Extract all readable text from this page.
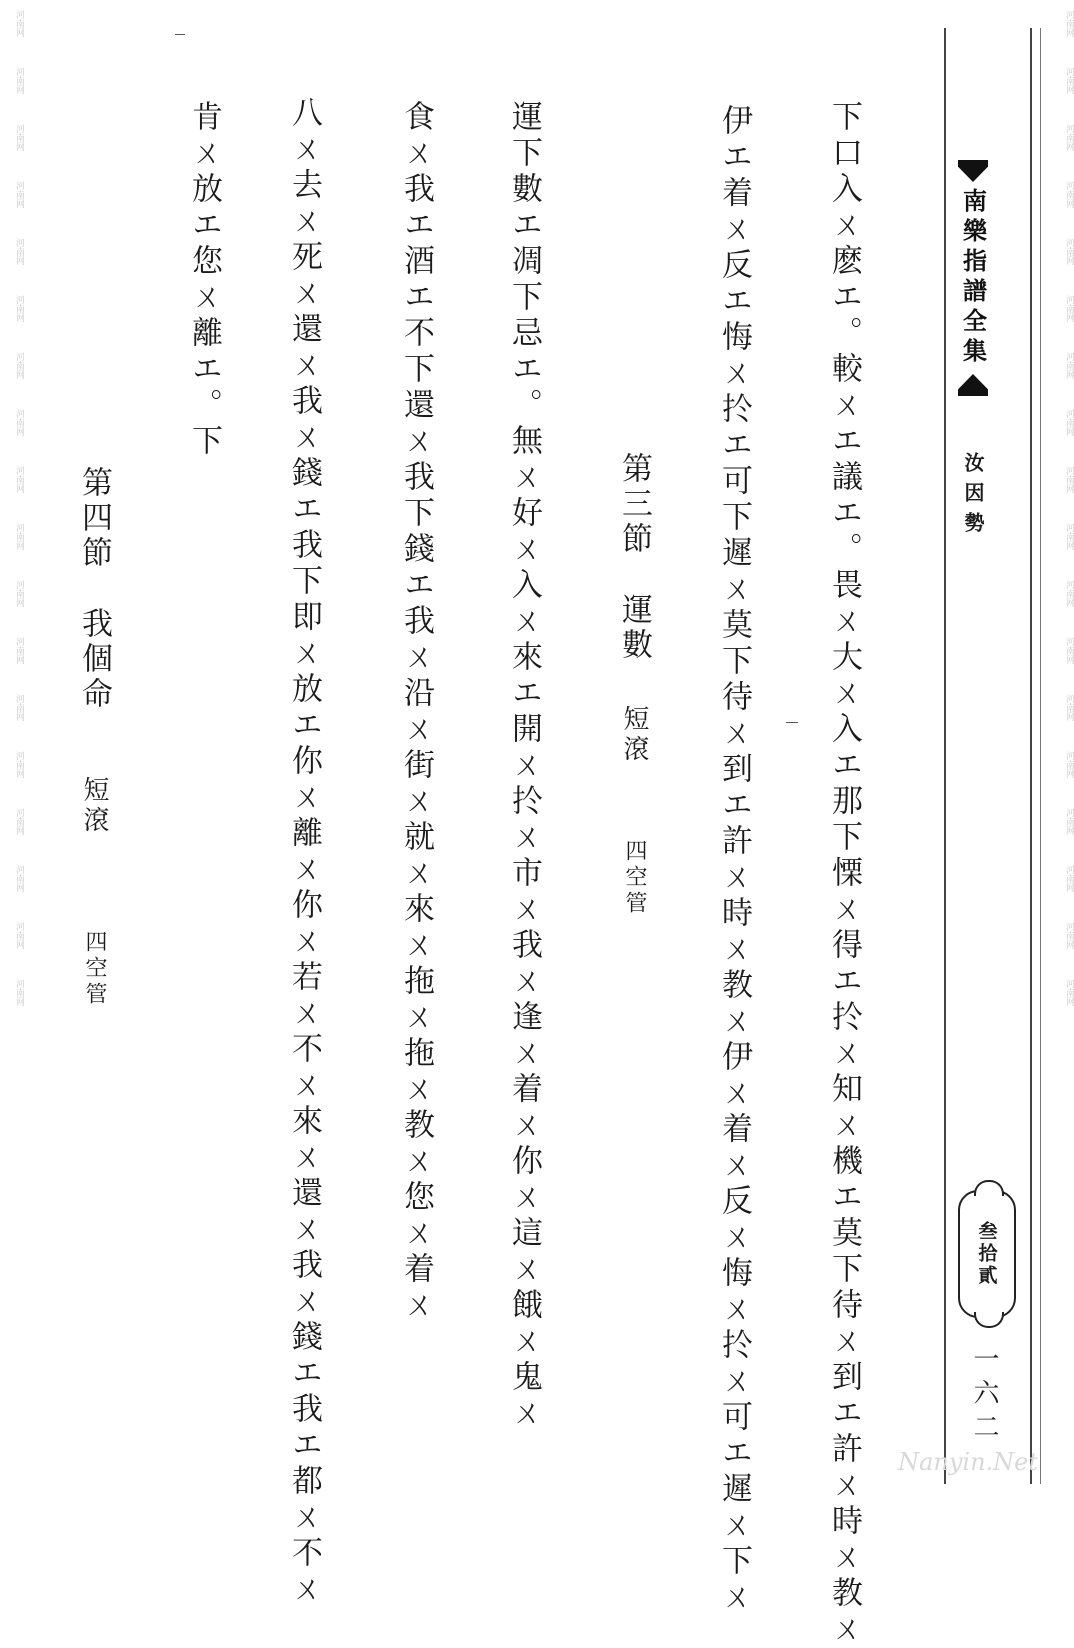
河南网
河南网
河南网
河南网
河南网
河南网
河南网
河南网
河南网
河南网
河南网
河南网
河南网
河南网
河南网
河南网
河南网
河南网
河南网
河南网
河南网
河南网
河南网
河南网
河南网
河南网
河南网
河南网
河南网
河南网
河南网
河南网
河南网
河南网
河南网
河南网
南樂指譜全集
汝因勢
叁拾貳
一六二
下口入ㄨ麽エ。較ㄨエ議エ。畏ㄨ大ㄨ入エ那下慄ㄨ得エ扵ㄨ知ㄨ機エ莫下待ㄨ到エ許ㄨ時ㄨ教ㄨ
伊エ着ㄨ反エ悔ㄨ扵エ可下遲ㄨ莫下待ㄨ到エ許ㄨ時ㄨ教ㄨ伊ㄨ着ㄨ反ㄨ悔ㄨ扵ㄨ可エ遲ㄨ下ㄨ
第三節 運數 短滾 四空管
運下數エ凋下忌エ。無ㄨ好ㄨ入ㄨ來エ開ㄨ扵ㄨ市ㄨ我ㄨ逢ㄨ着ㄨ你ㄨ這ㄨ餓ㄨ鬼ㄨ
食ㄨ我エ酒エ不下還ㄨ我下錢エ我ㄨ沿ㄨ街ㄨ就ㄨ來ㄨ拖ㄨ拖ㄨ教ㄨ您ㄨ着ㄨ
八ㄨ去ㄨ死ㄨ還ㄨ我ㄨ錢エ我下即ㄨ放エ你ㄨ離ㄨ你ㄨ若ㄨ不ㄨ來ㄨ還ㄨ我ㄨ錢エ我エ都ㄨ不ㄨ
肯ㄨ放エ您ㄨ離エ。下
第四節 我個命 短滾 四空管
Nanyin.Net
